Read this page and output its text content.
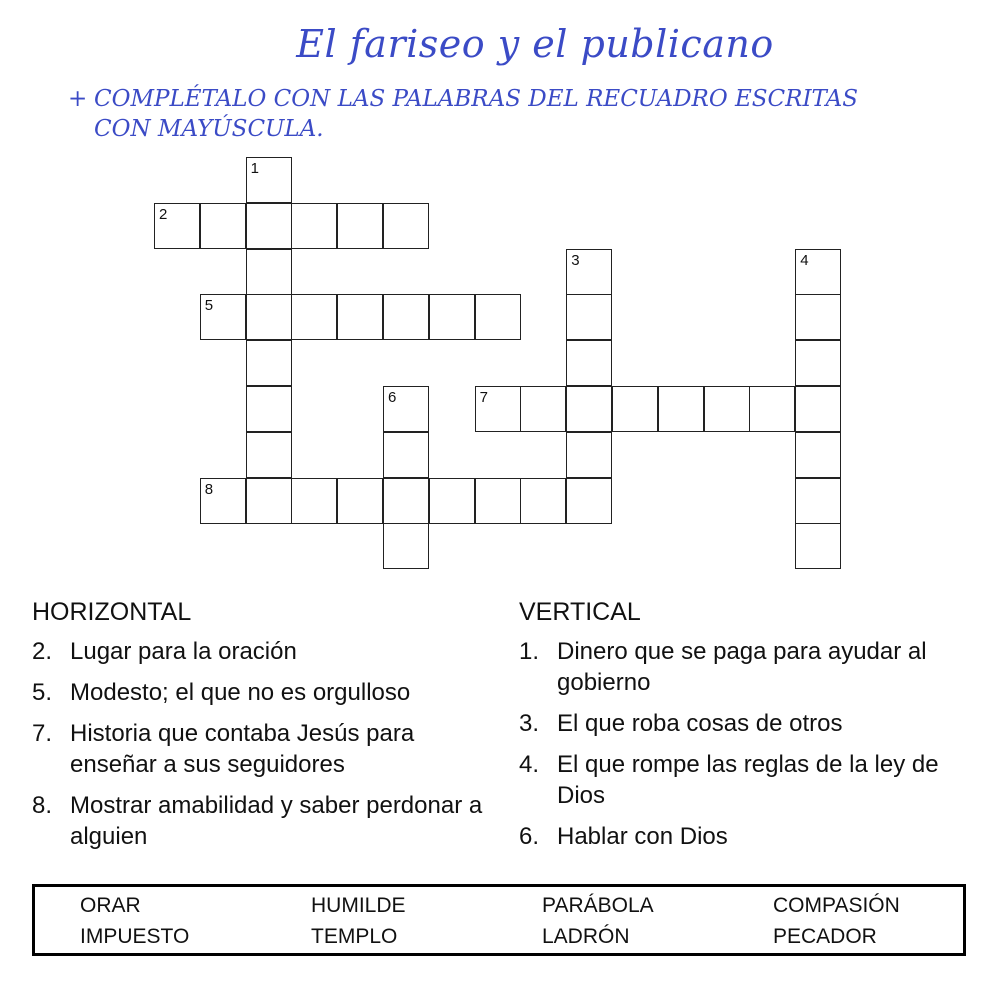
El fariseo y el publicano
+ COMPLÉTALO CON LAS PALABRAS DEL RECUADRO ESCRITAS
CON MAYÚSCULA.
1
2
3	4
5
6	7
8
HORIZONTAL
2. Lugar para la oración
5. Modesto; el que no es orgulloso
7. Historia que contaba Jesús para enseñar a sus seguidores
8. Mostrar amabilidad y saber perdonar a alguien
VERTICAL
1. Dinero que se paga para ayudar al gobierno
3. El que roba cosas de otros
4. El que rompe las reglas de la ley de Dios
6. Hablar con Dios
ORAR	HUMILDE	PARÁBOLA	COMPASIÓN
IMPUESTO	TEMPLO	LADRÓN	PECADOR
